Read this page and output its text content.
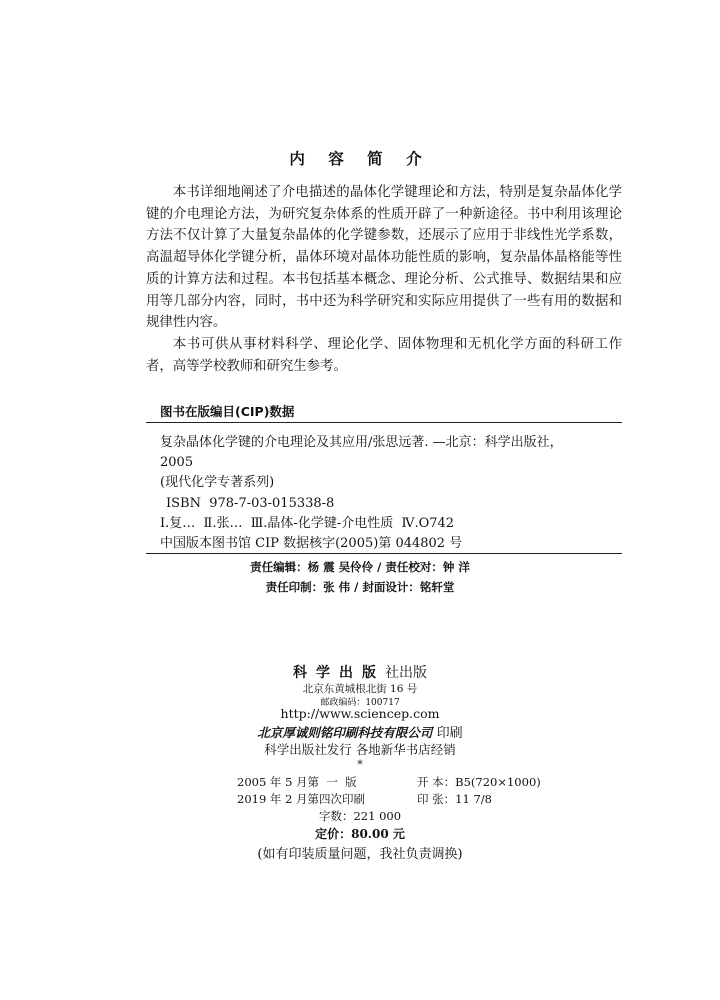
内 容 简 介

本书详细地阐述了介电描述的晶体化学键理论和方法，特别是复杂晶体化学键的介电理论方法，为研究复杂体系的性质开辟了一种新途径。书中利用该理论方法不仅计算了大量复杂晶体的化学键参数，还展示了应用于非线性光学系数，高温超导体化学键分析，晶体环境对晶体功能性质的影响，复杂晶体晶格能等性质的计算方法和过程。本书包括基本概念、理论分析、公式推导、数据结果和应用等几部分内容，同时，书中还为科学研究和实际应用提供了一些有用的数据和规律性内容。

本书可供从事材料科学、理论化学、固体物理和无机化学方面的科研工作者，高等学校教师和研究生参考。

图书在版编目(CIP)数据
复杂晶体化学键的介电理论及其应用/张思远著. —北京：科学出版社，
2005
(现代化学专著系列)
ISBN  978-7-03-015338-8
Ⅰ.复…  Ⅱ.张…  Ⅲ.晶体-化学键-介电性质  Ⅳ.O742
中国版本图书馆 CIP 数据核字(2005)第 044802 号
责任编辑：杨 震 吴伶伶 / 责任校对：钟 洋
责任印制：张 伟 / 封面设计：铭轩堂
科学出版社出版
北京东黄城根北街 16 号
邮政编码：100717
http://www.sciencep.com
北京厚诚则铭印刷科技有限公司 印刷
科学出版社发行 各地新华书店经销
*
2005 年 5 月第  一  版	开 本：B5(720×1000)
2019 年 2 月第四次印刷	印 张：11 7/8
字数：221 000
定价：80.00 元
(如有印装质量问题，我社负责调换)
